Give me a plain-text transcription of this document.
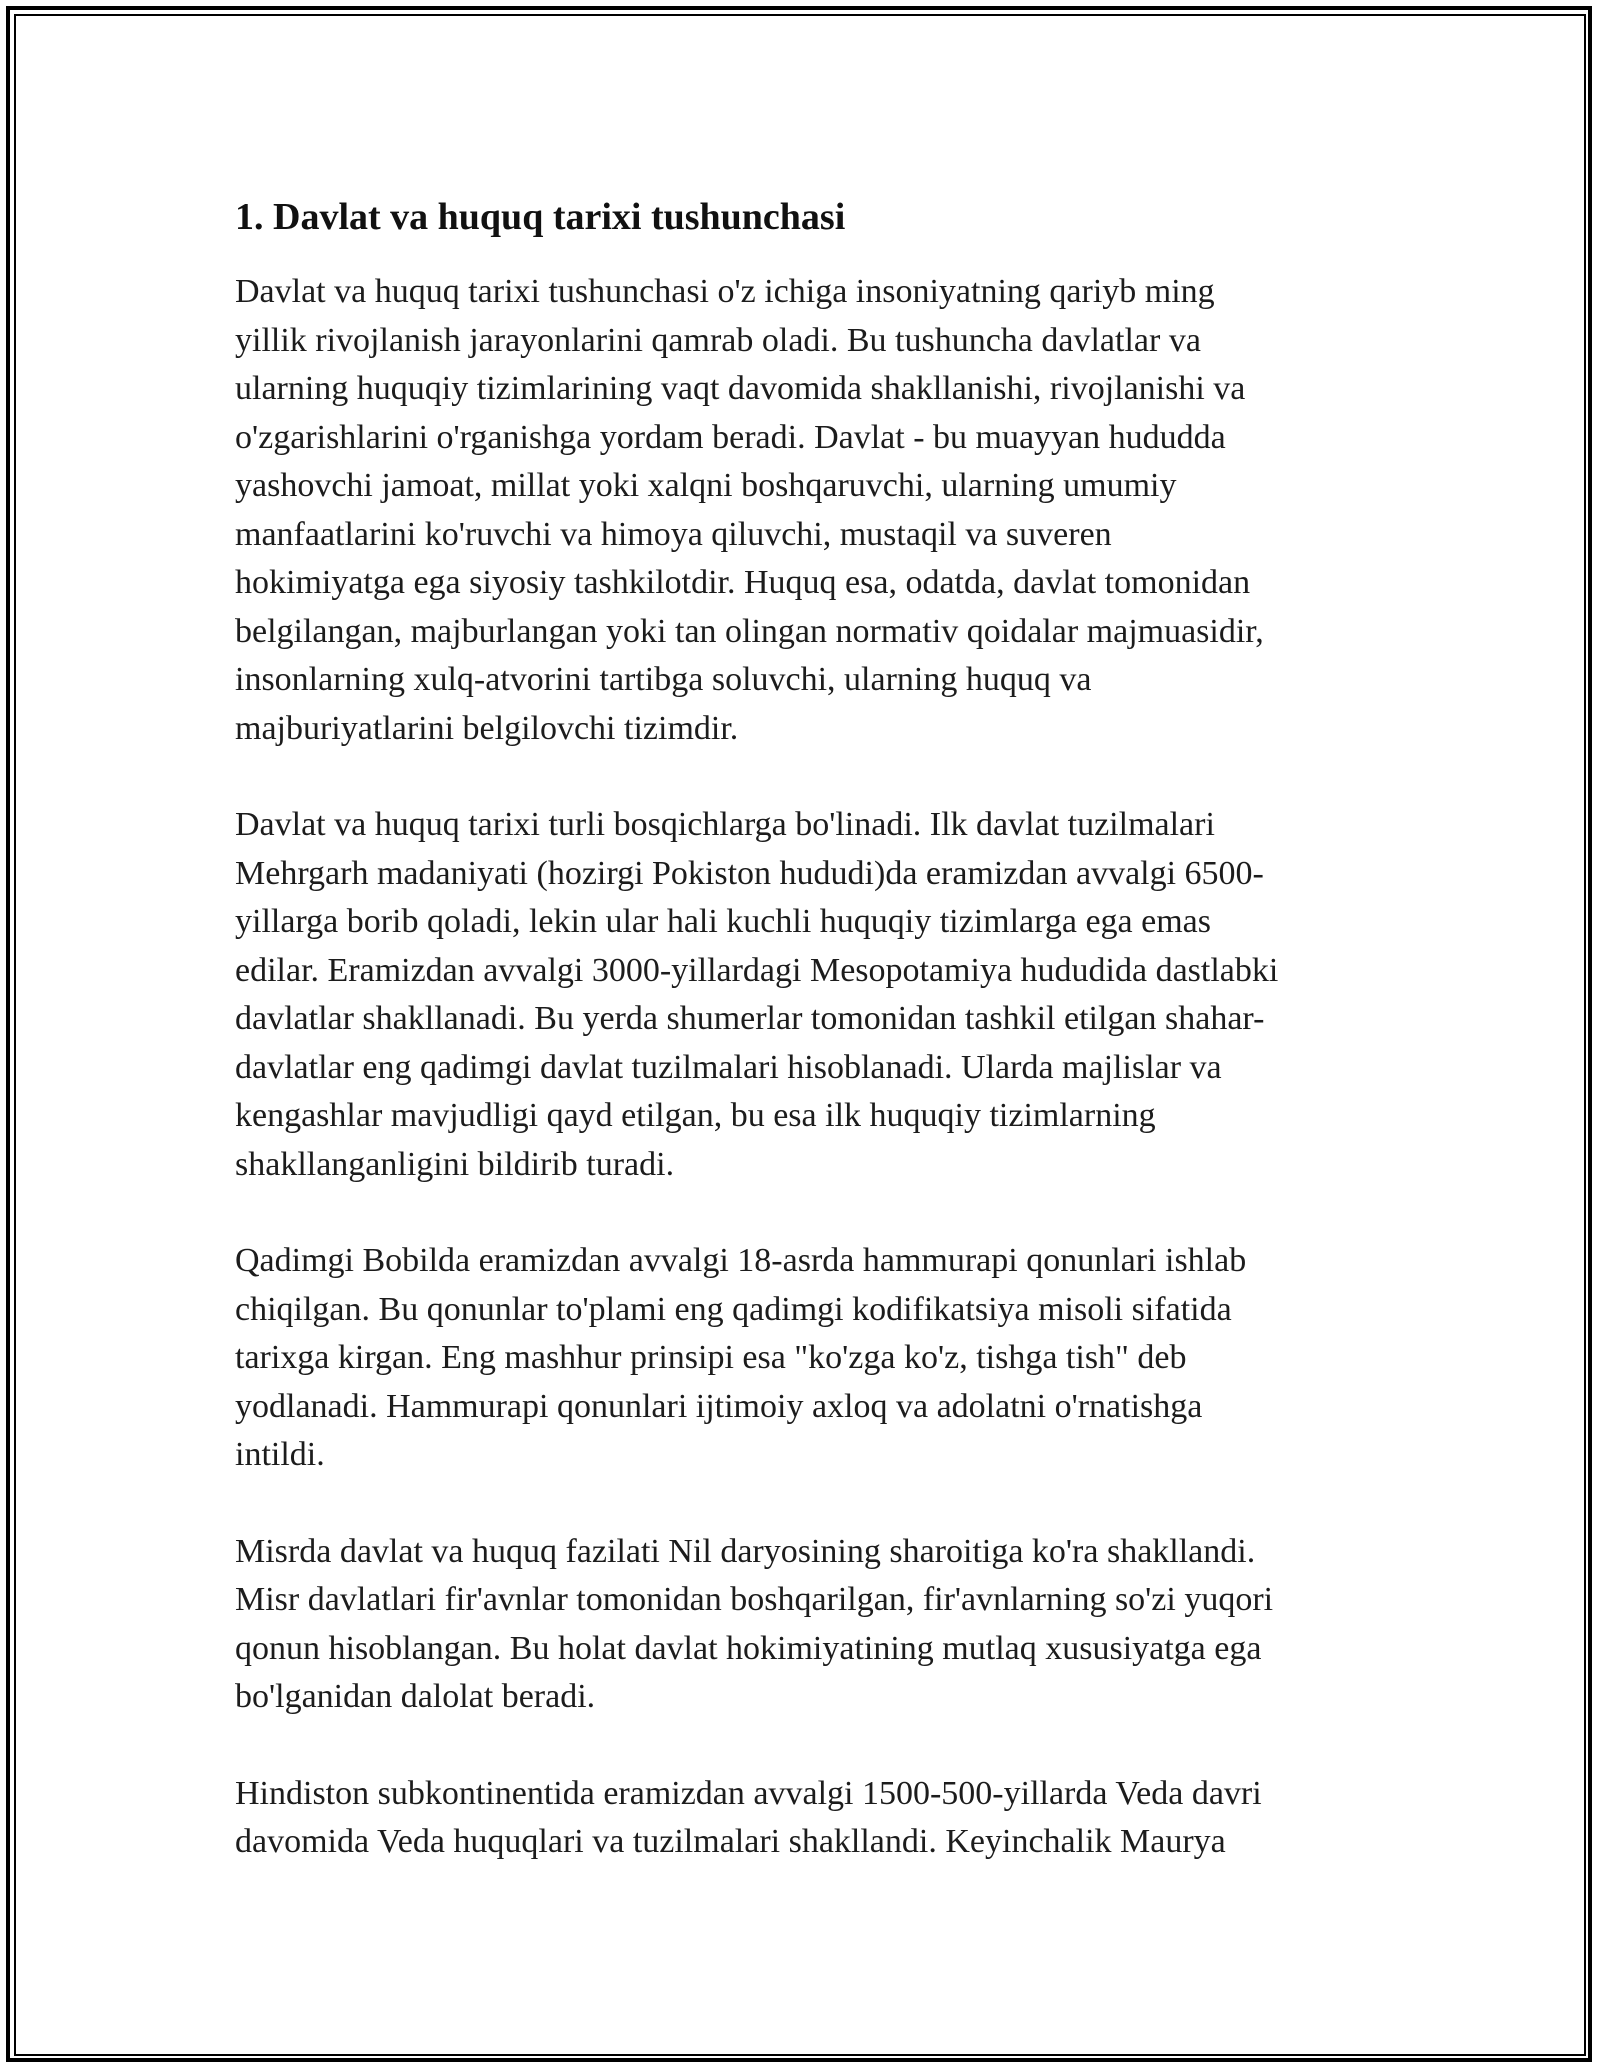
1. Davlat va huquq tarixi tushunchasi

Davlat va huquq tarixi tushunchasi o'z ichiga insoniyatning qariyb ming
yillik rivojlanish jarayonlarini qamrab oladi. Bu tushuncha davlatlar va
ularning huquqiy tizimlarining vaqt davomida shakllanishi, rivojlanishi va
o'zgarishlarini o'rganishga yordam beradi. Davlat - bu muayyan hududda
yashovchi jamoat, millat yoki xalqni boshqaruvchi, ularning umumiy
manfaatlarini ko'ruvchi va himoya qiluvchi, mustaqil va suveren
hokimiyatga ega siyosiy tashkilotdir. Huquq esa, odatda, davlat tomonidan
belgilangan, majburlangan yoki tan olingan normativ qoidalar majmuasidir,
insonlarning xulq-atvorini tartibga soluvchi, ularning huquq va
majburiyatlarini belgilovchi tizimdir.

Davlat va huquq tarixi turli bosqichlarga bo'linadi. Ilk davlat tuzilmalari
Mehrgarh madaniyati (hozirgi Pokiston hududi)da eramizdan avvalgi 6500-
yillarga borib qoladi, lekin ular hali kuchli huquqiy tizimlarga ega emas
edilar. Eramizdan avvalgi 3000-yillardagi Mesopotamiya hududida dastlabki
davlatlar shakllanadi. Bu yerda shumerlar tomonidan tashkil etilgan shahar-
davlatlar eng qadimgi davlat tuzilmalari hisoblanadi. Ularda majlislar va
kengashlar mavjudligi qayd etilgan, bu esa ilk huquqiy tizimlarning
shakllanganligini bildirib turadi.

Qadimgi Bobilda eramizdan avvalgi 18-asrda hammurapi qonunlari ishlab
chiqilgan. Bu qonunlar to'plami eng qadimgi kodifikatsiya misoli sifatida
tarixga kirgan. Eng mashhur prinsipi esa "ko'zga ko'z, tishga tish" deb
yodlanadi. Hammurapi qonunlari ijtimoiy axloq va adolatni o'rnatishga
intildi.

Misrda davlat va huquq fazilati Nil daryosining sharoitiga ko'ra shakllandi.
Misr davlatlari fir'avnlar tomonidan boshqarilgan, fir'avnlarning so'zi yuqori
qonun hisoblangan. Bu holat davlat hokimiyatining mutlaq xususiyatga ega
bo'lganidan dalolat beradi.

Hindiston subkontinentida eramizdan avvalgi 1500-500-yillarda Veda davri
davomida Veda huquqlari va tuzilmalari shakllandi. Keyinchalik Maurya
